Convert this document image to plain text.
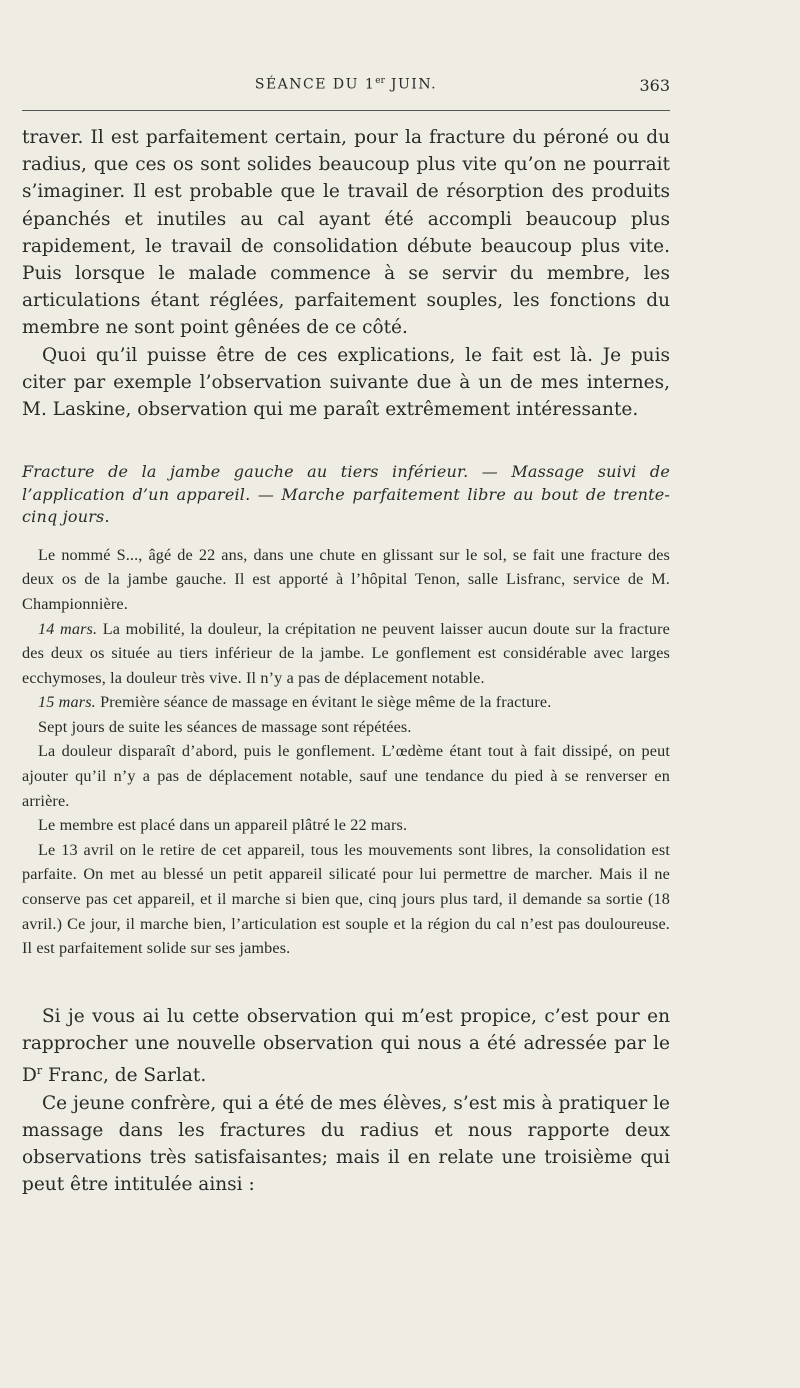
SÉANCE DU 1er JUIN.	363

traver. Il est parfaitement certain, pour la fracture du péroné ou du radius, que ces os sont solides beaucoup plus vite qu’on ne pourrait s’imaginer. Il est probable que le travail de résorption des produits épanchés et inutiles au cal ayant été accompli beaucoup plus rapidement, le travail de consolidation débute beaucoup plus vite. Puis lorsque le malade commence à se servir du membre, les articulations étant réglées, parfaitement souples, les fonctions du membre ne sont point gênées de ce côté.

Quoi qu’il puisse être de ces explications, le fait est là. Je puis citer par exemple l’observation suivante due à un de mes internes, M. Laskine, observation qui me paraît extrêmement intéressante.

Fracture de la jambe gauche au tiers inférieur. — Massage suivi de l’application d’un appareil. — Marche parfaitement libre au bout de trente-cinq jours.

Le nommé S..., âgé de 22 ans, dans une chute en glissant sur le sol, se fait une fracture des deux os de la jambe gauche. Il est apporté à l’hôpital Tenon, salle Lisfranc, service de M. Championnière.

14 mars. La mobilité, la douleur, la crépitation ne peuvent laisser aucun doute sur la fracture des deux os située au tiers inférieur de la jambe. Le gonflement est considérable avec larges ecchymoses, la douleur très vive. Il n’y a pas de déplacement notable.

15 mars. Première séance de massage en évitant le siège même de la fracture.

Sept jours de suite les séances de massage sont répétées.

La douleur disparaît d’abord, puis le gonflement. L’œdème étant tout à fait dissipé, on peut ajouter qu’il n’y a pas de déplacement notable, sauf une tendance du pied à se renverser en arrière.

Le membre est placé dans un appareil plâtré le 22 mars.

Le 13 avril on le retire de cet appareil, tous les mouvements sont libres, la consolidation est parfaite. On met au blessé un petit appareil silicaté pour lui permettre de marcher. Mais il ne conserve pas cet appareil, et il marche si bien que, cinq jours plus tard, il demande sa sortie (18 avril.) Ce jour, il marche bien, l’articulation est souple et la région du cal n’est pas douloureuse. Il est parfaitement solide sur ses jambes.

Si je vous ai lu cette observation qui m’est propice, c’est pour en rapprocher une nouvelle observation qui nous a été adressée par le $D^r$ Franc, de Sarlat.

Ce jeune confrère, qui a été de mes élèves, s’est mis à pratiquer le massage dans les fractures du radius et nous rapporte deux observations très satisfaisantes; mais il en relate une troisième qui peut être intitulée ainsi :
